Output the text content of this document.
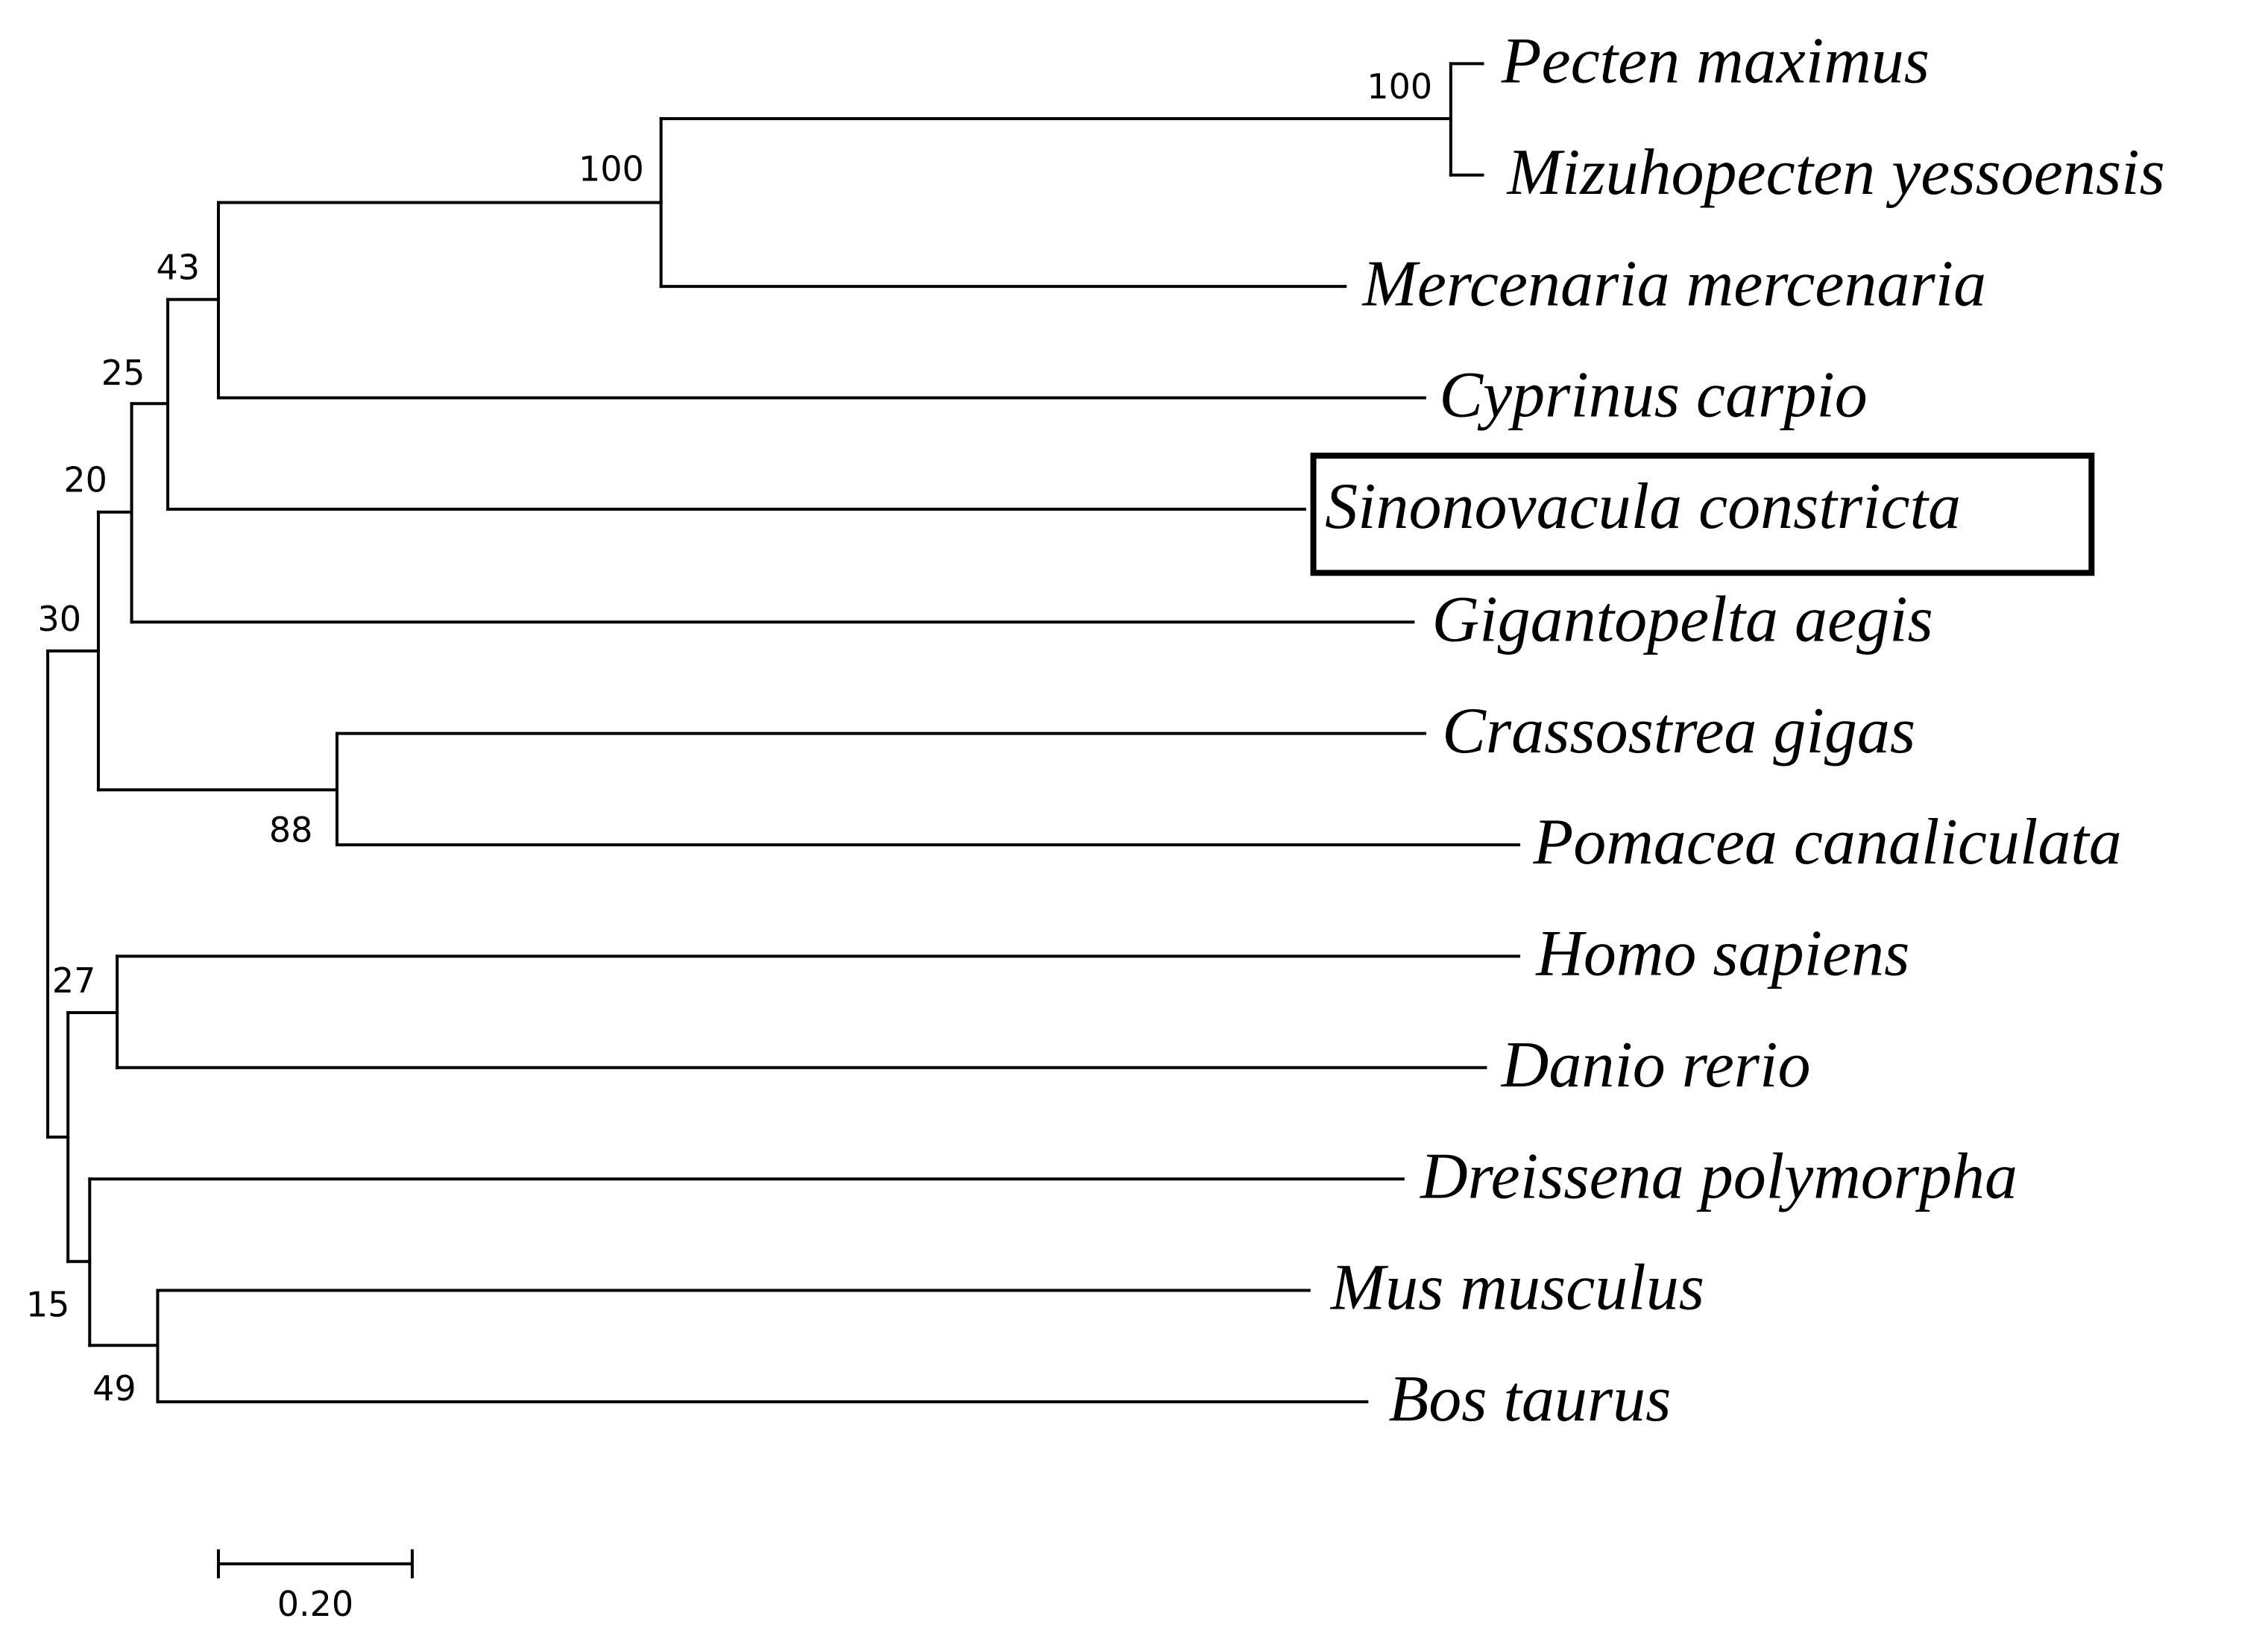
100
100
43
25
20
30
88
27
15
49
Pecten maximus
Mizuhopecten yessoensis
Mercenaria mercenaria
Cyprinus carpio
Sinonovacula constricta
Gigantopelta aegis
Crassostrea gigas
Pomacea canaliculata
Homo sapiens
Danio rerio
Dreissena polymorpha
Mus musculus
Bos taurus
0.20
